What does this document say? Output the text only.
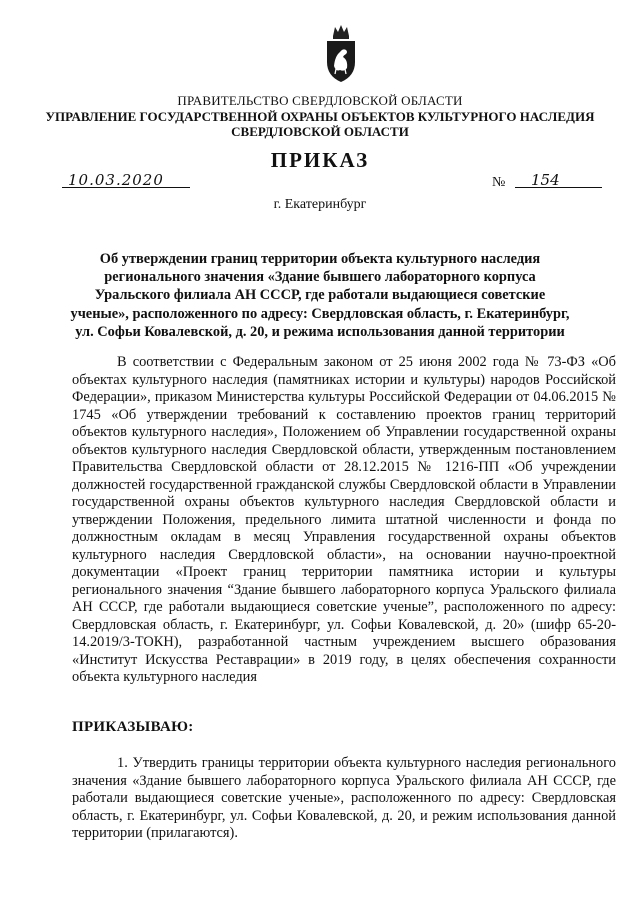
ПРАВИТЕЛЬСТВО СВЕРДЛОВСКОЙ ОБЛАСТИ
УПРАВЛЕНИЕ ГОСУДАРСТВЕННОЙ ОХРАНЫ ОБЪЕКТОВ КУЛЬТУРНОГО НАСЛЕДИЯ
СВЕРДЛОВСКОЙ ОБЛАСТИ
ПРИКАЗ
10.03.2020	№	154
г. Екатеринбург
Об утверждении границ территории объекта культурного наследия
регионального значения «Здание бывшего лабораторного корпуса
Уральского филиала АН СССР, где работали выдающиеся советские
ученые», расположенного по адресу: Свердловская область, г. Екатеринбург,
ул. Софьи Ковалевской, д. 20, и режима использования данной территории

В соответствии с Федеральным законом от 25 июня 2002 года № 73-ФЗ «Об объектах культурного наследия (памятниках истории и культуры) народов Российской Федерации», приказом Министерства культуры Российской Федерации от 04.06.2015 № 1745 «Об утверждении требований к составлению проектов границ территорий объектов культурного наследия», Положением об Управлении государственной охраны объектов культурного наследия Свердловской области, утвержденным постановлением Правительства Свердловской области от 28.12.2015 № 1216-ПП «Об учреждении должностей государственной гражданской службы Свердловской области в Управлении государственной охраны объектов культурного наследия Свердловской области и утверждении Положения, предельного лимита штатной численности и фонда по должностным окладам в месяц Управления государственной охраны объектов культурного наследия Свердловской области», на основании научно-проектной документации «Проект границ территории памятника истории и культуры регионального значения “Здание бывшего лабораторного корпуса Уральского филиала АН СССР, где работали выдающиеся советские ученые”, расположенного по адресу: Свердловская область, г. Екатеринбург, ул. Софьи Ковалевской, д. 20» (шифр 65-20-14.2019/3-ТОКН), разработанной частным учреждением высшего образования «Институт Искусства Реставрации» в 2019 году, в целях обеспечения сохранности объекта культурного наследия

ПРИКАЗЫВАЮ:

1. Утвердить границы территории объекта культурного наследия регионального значения «Здание бывшего лабораторного корпуса Уральского филиала АН СССР, где работали выдающиеся советские ученые», расположенного по адресу: Свердловская область, г. Екатеринбург, ул. Софьи Ковалевской, д. 20, и режим использования данной территории (прилагаются).
